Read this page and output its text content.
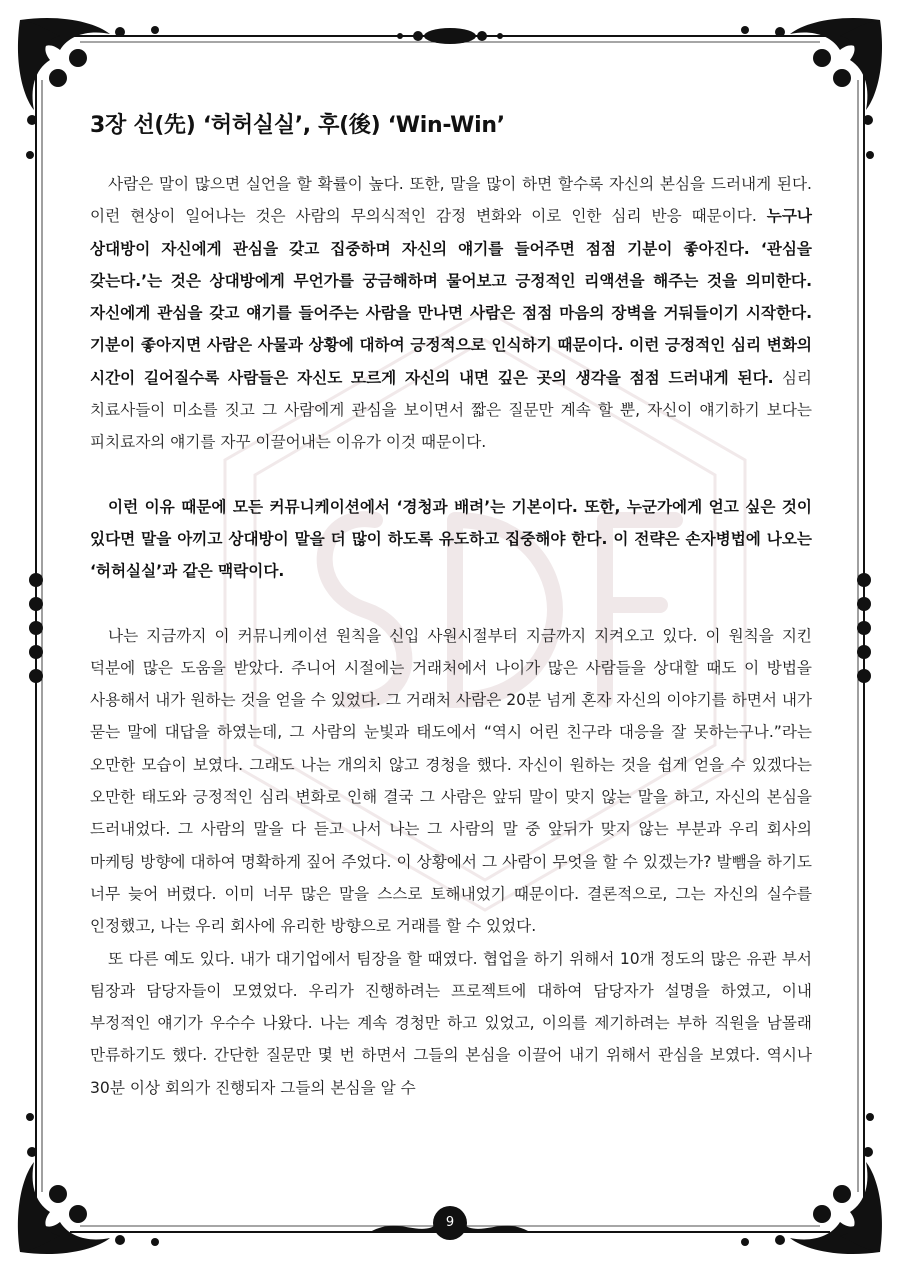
3장 선(先) ‘허허실실’, 후(後) ‘Win-Win’

사람은 말이 많으면 실언을 할 확률이 높다. 또한, 말을 많이 하면 할수록 자신의 본심을 드러내게 된다. 이런 현상이 일어나는 것은 사람의 무의식적인 감정 변화와 이로 인한 심리 반응 때문이다. 누구나 상대방이 자신에게 관심을 갖고 집중하며 자신의 얘기를 들어주면 점점 기분이 좋아진다. ‘관심을 갖는다.’는 것은 상대방에게 무언가를 궁금해하며 물어보고 긍정적인 리액션을 해주는 것을 의미한다. 자신에게 관심을 갖고 얘기를 들어주는 사람을 만나면 사람은 점점 마음의 장벽을 거둬들이기 시작한다. 기분이 좋아지면 사람은 사물과 상황에 대하여 긍정적으로 인식하기 때문이다. 이런 긍정적인 심리 변화의 시간이 길어질수록 사람들은 자신도 모르게 자신의 내면 깊은 곳의 생각을 점점 드러내게 된다. 심리 치료사들이 미소를 짓고 그 사람에게 관심을 보이면서 짧은 질문만 계속 할 뿐, 자신이 얘기하기 보다는 피치료자의 얘기를 자꾸 이끌어내는 이유가 이것 때문이다.

이런 이유 때문에 모든 커뮤니케이션에서 ‘경청과 배려’는 기본이다. 또한, 누군가에게 얻고 싶은 것이 있다면 말을 아끼고 상대방이 말을 더 많이 하도록 유도하고 집중해야 한다. 이 전략은 손자병법에 나오는 ‘허허실실’과 같은 맥락이다.

나는 지금까지 이 커뮤니케이션 원칙을 신입 사원시절부터 지금까지 지켜오고 있다. 이 원칙을 지킨 덕분에 많은 도움을 받았다. 주니어 시절에는 거래처에서 나이가 많은 사람들을 상대할 때도 이 방법을 사용해서 내가 원하는 것을 얻을 수 있었다. 그 거래처 사람은 20분 넘게 혼자 자신의 이야기를 하면서 내가 묻는 말에 대답을 하였는데, 그 사람의 눈빛과 태도에서 “역시 어린 친구라 대응을 잘 못하는구나.”라는 오만한 모습이 보였다. 그래도 나는 개의치 않고 경청을 했다. 자신이 원하는 것을 쉽게 얻을 수 있겠다는 오만한 태도와 긍정적인 심리 변화로 인해 결국 그 사람은 앞뒤 말이 맞지 않는 말을 하고, 자신의 본심을 드러내었다. 그 사람의 말을 다 듣고 나서 나는 그 사람의 말 중 앞뒤가 맞지 않는 부분과 우리 회사의 마케팅 방향에 대하여 명확하게 짚어 주었다. 이 상황에서 그 사람이 무엇을 할 수 있겠는가? 발뺌을 하기도 너무 늦어 버렸다. 이미 너무 많은 말을 스스로 토해내었기 때문이다. 결론적으로, 그는 자신의 실수를 인정했고, 나는 우리 회사에 유리한 방향으로 거래를 할 수 있었다.

또 다른 예도 있다. 내가 대기업에서 팀장을 할 때였다. 협업을 하기 위해서 10개 정도의 많은 유관 부서 팀장과 담당자들이 모였었다. 우리가 진행하려는 프로젝트에 대하여 담당자가 설명을 하였고, 이내 부정적인 얘기가 우수수 나왔다. 나는 계속 경청만 하고 있었고, 이의를 제기하려는 부하 직원을 남몰래 만류하기도 했다. 간단한 질문만 몇 번 하면서 그들의 본심을 이끌어 내기 위해서 관심을 보였다. 역시나 30분 이상 회의가 진행되자 그들의 본심을 알 수

9
